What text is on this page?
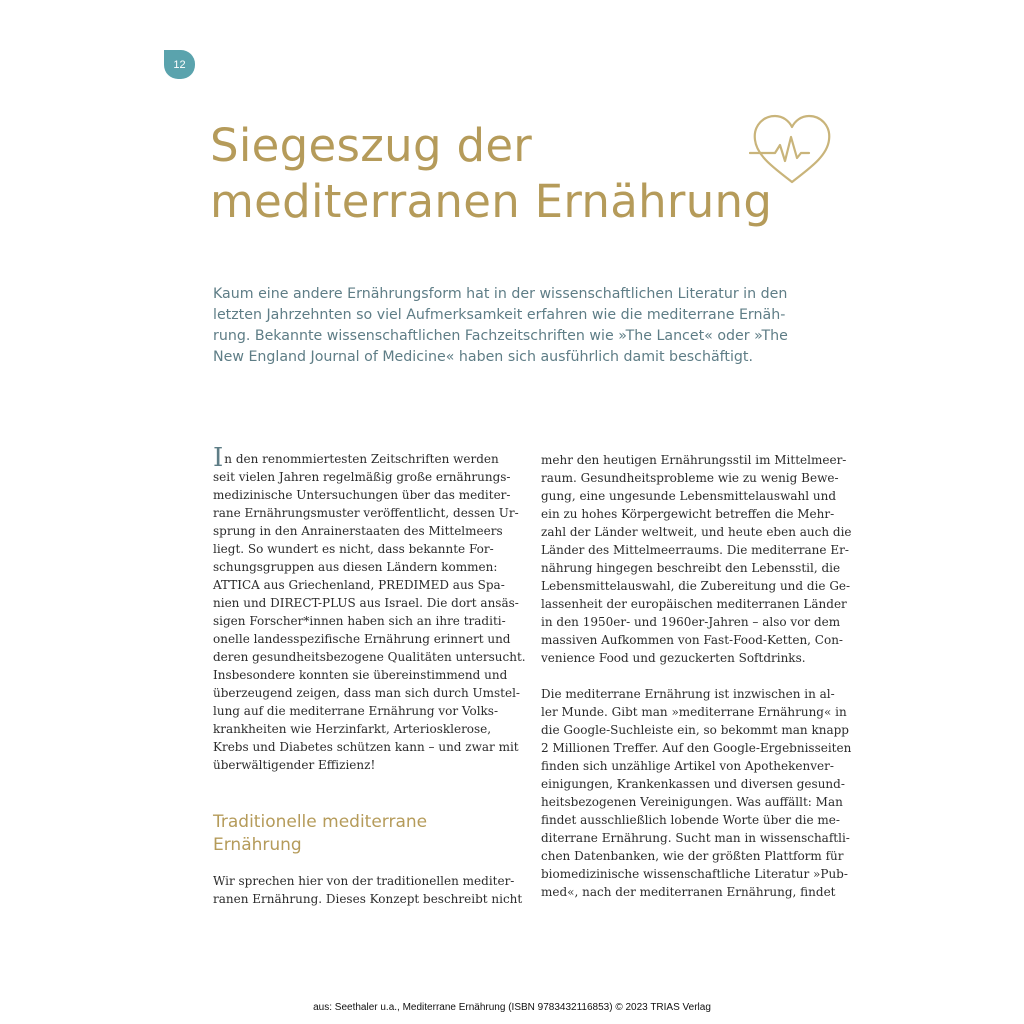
12
Siegeszug der
mediterranen Ernährung

Kaum eine andere Ernährungsform hat in der wissenschaftlichen Literatur in den
letzten Jahrzehnten so viel Aufmerksamkeit erfahren wie die mediterrane Ernäh-
rung. Bekannte wissenschaftlichen Fachzeitschriften wie »The Lancet« oder »The
New England Journal of Medicine« haben sich ausführlich damit beschäftigt.

In den renommiertesten Zeitschriften werden
seit vielen Jahren regelmäßig große ernährungs-
medizinische Untersuchungen über das mediter-
rane Ernährungsmuster veröffentlicht, dessen Ur-
sprung in den Anrainerstaaten des Mittelmeers
liegt. So wundert es nicht, dass bekannte For-
schungsgruppen aus diesen Ländern kommen:
ATTICA aus Griechenland, PREDIMED aus Spa-
nien und DIRECT-PLUS aus Israel. Die dort ansäs-
sigen Forscher*innen haben sich an ihre traditi-
onelle landesspezifische Ernährung erinnert und
deren gesundheitsbezogene Qualitäten untersucht.
Insbesondere konnten sie übereinstimmend und
überzeugend zeigen, dass man sich durch Umstel-
lung auf die mediterrane Ernährung vor Volks-
krankheiten wie Herzinfarkt, Arteriosklerose,
Krebs und Diabetes schützen kann – und zwar mit
überwältigender Effizienz!
Traditionelle mediterrane
Ernährung
Wir sprechen hier von der traditionellen mediter-
ranen Ernährung. Dieses Konzept beschreibt nicht
mehr den heutigen Ernährungsstil im Mittelmeer-
raum. Gesundheitsprobleme wie zu wenig Bewe-
gung, eine ungesunde Lebensmittelauswahl und
ein zu hohes Körpergewicht betreffen die Mehr-
zahl der Länder weltweit, und heute eben auch die
Länder des Mittelmeerraums. Die mediterrane Er-
nährung hingegen beschreibt den Lebensstil, die
Lebensmittelauswahl, die Zubereitung und die Ge-
lassenheit der europäischen mediterranen Länder
in den 1950er- und 1960er-Jahren – also vor dem
massiven Aufkommen von Fast-Food-Ketten, Con-
venience Food und gezuckerten Softdrinks.
Die mediterrane Ernährung ist inzwischen in al-
ler Munde. Gibt man »mediterrane Ernährung« in
die Google-Suchleiste ein, so bekommt man knapp
2 Millionen Treffer. Auf den Google-Ergebnisseiten
finden sich unzählige Artikel von Apothekenver-
einigungen, Krankenkassen und diversen gesund-
heitsbezogenen Vereinigungen. Was auffällt: Man
findet ausschließlich lobende Worte über die me-
diterrane Ernährung. Sucht man in wissenschaftli-
chen Datenbanken, wie der größten Plattform für
biomedizinische wissenschaftliche Literatur »Pub-
med«, nach der mediterranen Ernährung, findet
aus: Seethaler u.a., Mediterrane Ernährung (ISBN 9783432116853) © 2023 TRIAS Verlag
